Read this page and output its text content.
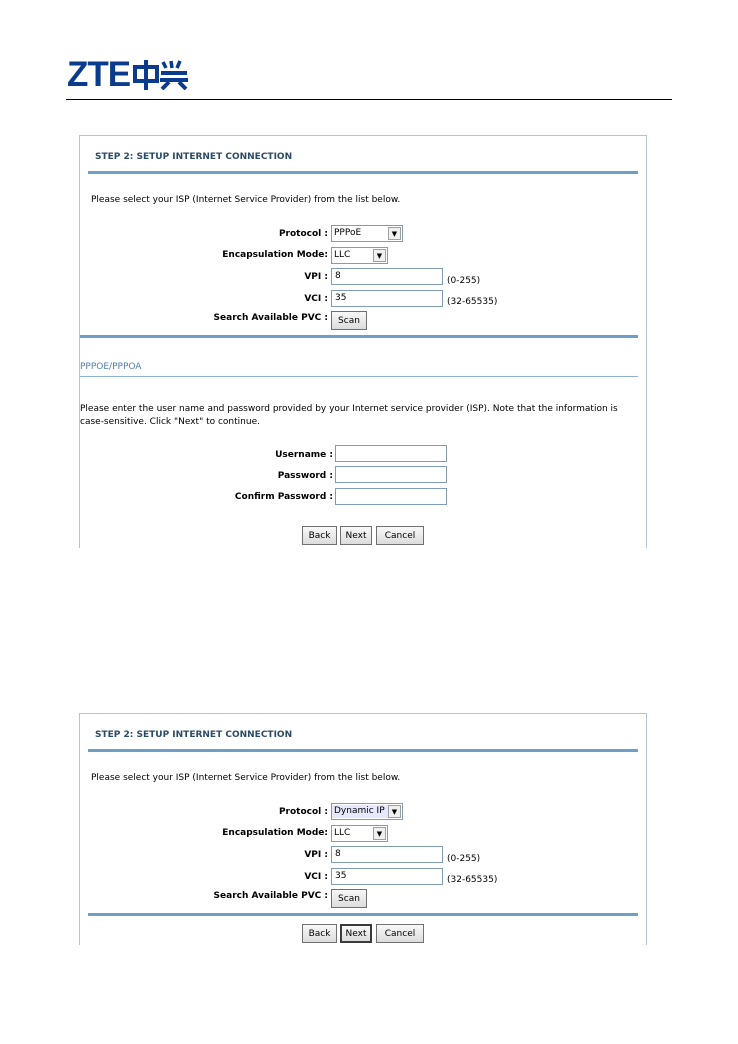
ZTE
STEP 2: SETUP INTERNET CONNECTION
Please select your ISP (Internet Service Provider) from the list below.
Protocol : PPPoE	▼
Encapsulation Mode: LLC	▼
VPI : 8	(0-255)
VCI : 35	(32-65535)
Search Available PVC :	Scan
PPPOE/PPPOA
Please enter the user name and password provided by your Internet service provider (ISP). Note that the information is case-sensitive. Click "Next" to continue.
Username :
Password :
Confirm Password :
Back	Next	Cancel
STEP 2: SETUP INTERNET CONNECTION
Please select your ISP (Internet Service Provider) from the list below.
Protocol : Dynamic IP	▼
Encapsulation Mode: LLC	▼
VPI : 8	(0-255)
VCI : 35	(32-65535)
Search Available PVC :	Scan
Back	Next	Cancel
